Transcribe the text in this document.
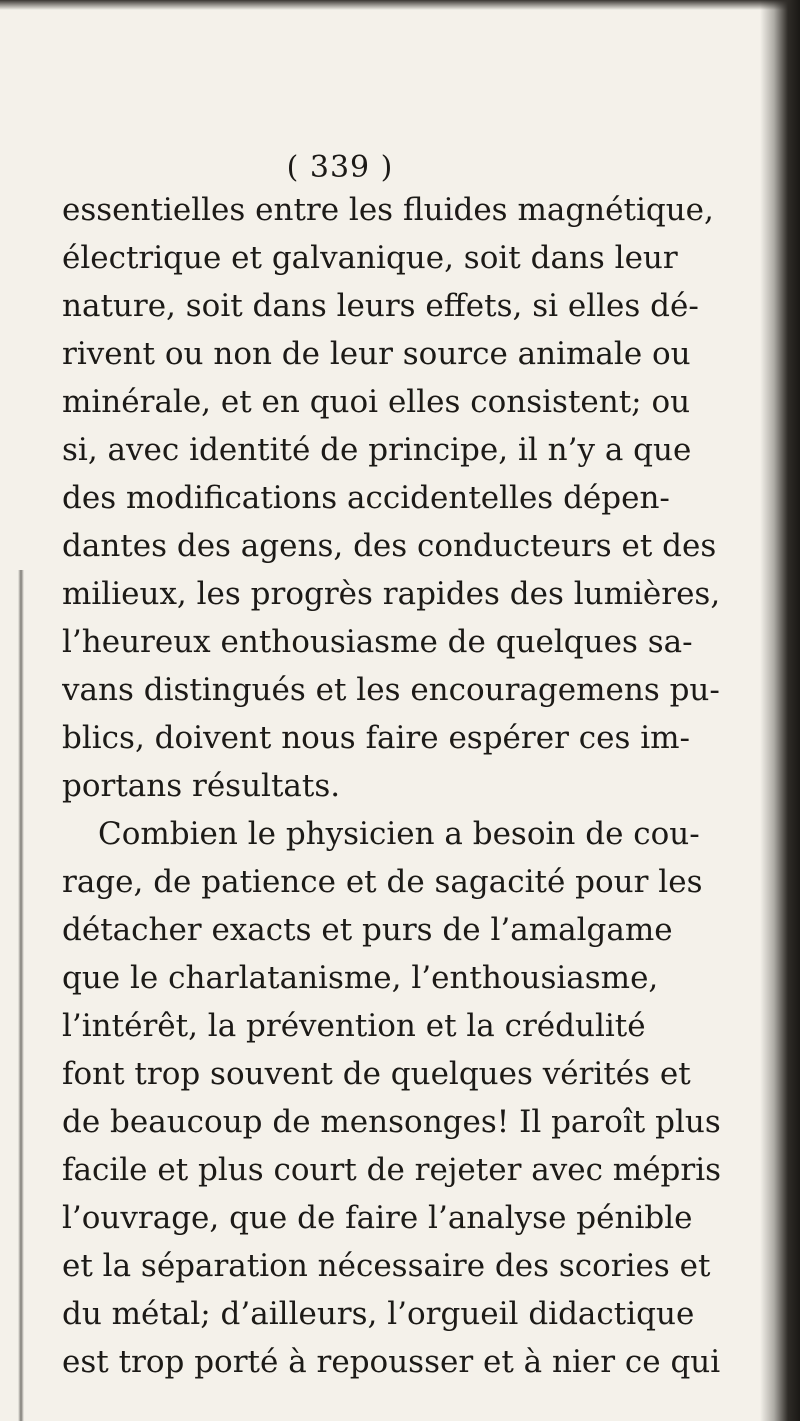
( 339 )
essentielles entre les fluides magnétique,
électrique et galvanique, soit dans leur
nature, soit dans leurs effets, si elles dé-
rivent ou non de leur source animale ou
minérale, et en quoi elles consistent; ou
si, avec identité de principe, il n’y a que
des modifications accidentelles dépen-
dantes des agens, des conducteurs et des
milieux, les progrès rapides des lumières,
l’heureux enthousiasme de quelques sa-
vans distingués et les encouragemens pu-
blics, doivent nous faire espérer ces im-
portans résultats.
Combien le physicien a besoin de cou-
rage, de patience et de sagacité pour les
détacher exacts et purs de l’amalgame
que le charlatanisme, l’enthousiasme,
l’intérêt, la prévention et la crédulité
font trop souvent de quelques vérités et
de beaucoup de mensonges! Il paroît plus
facile et plus court de rejeter avec mépris
l’ouvrage, que de faire l’analyse pénible
et la séparation nécessaire des scories et
du métal; d’ailleurs, l’orgueil didactique
est trop porté à repousser et à nier ce qui
